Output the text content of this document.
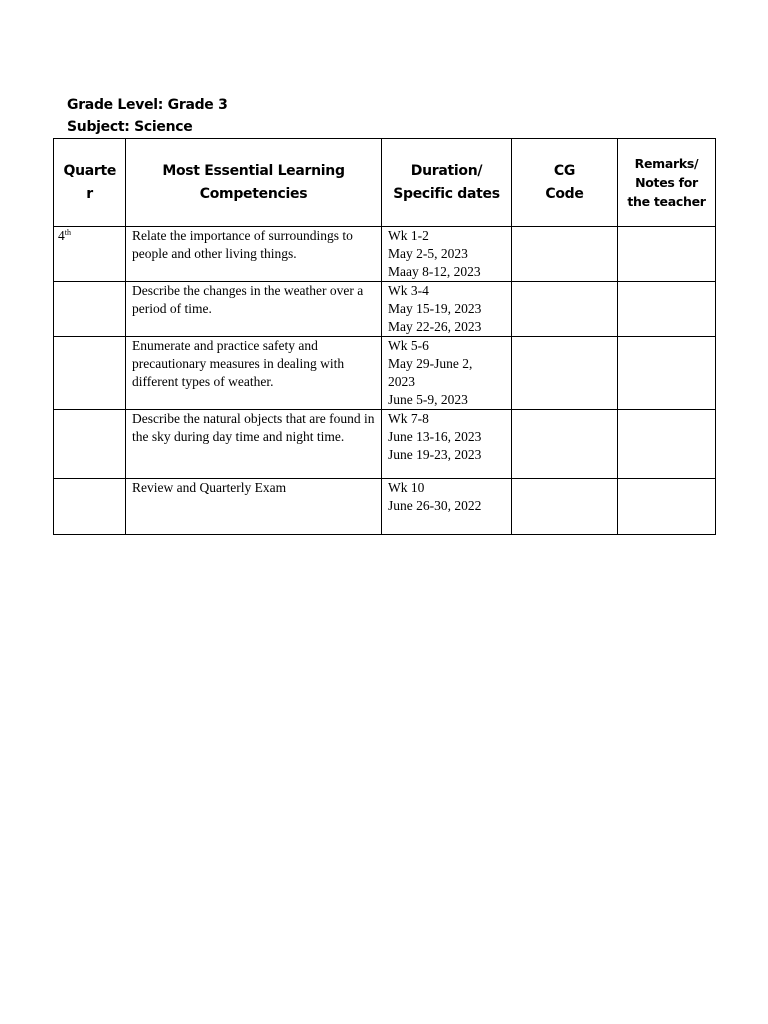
Grade Level: Grade 3
Subject: Science
Quarte r	Most Essential Learning Competencies	Duration/ Specific dates	CG Code	Remarks/ Notes for the teacher

4th	Relate the importance of surroundings to people and other living things.	Wk 1-2
May 2-5, 2023
Maay 8-12, 2023		

	Describe the changes in the weather over a period of time.	Wk 3-4
May 15-19, 2023
May 22-26, 2023		

	Enumerate and practice safety and precautionary measures in dealing with different types of weather.	Wk 5-6
May 29-June 2,
2023
June 5-9, 2023		

	Describe the natural objects that are found in the sky during day time and night time.	Wk 7-8
June 13-16, 2023
June 19-23, 2023		

	Review and Quarterly Exam	Wk 10
June 26-30, 2022		
